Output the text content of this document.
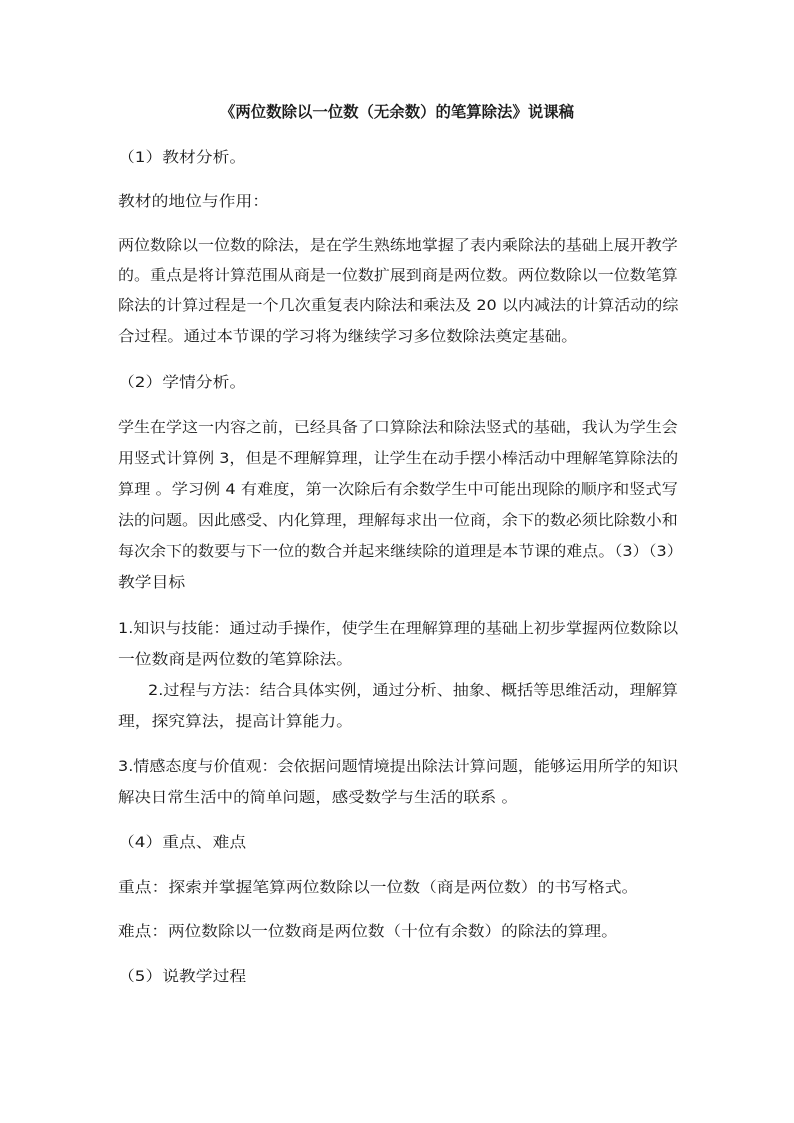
《两位数除以一位数（无余数）的笔算除法》说课稿
（1）教材分析。
教材的地位与作用：
两位数除以一位数的除法，是在学生熟练地掌握了表内乘除法的基础上展开教学
的。重点是将计算范围从商是一位数扩展到商是两位数。两位数除以一位数笔算
除法的计算过程是一个几次重复表内除法和乘法及 20 以内减法的计算活动的综
合过程。通过本节课的学习将为继续学习多位数除法奠定基础。
（2）学情分析。
学生在学这一内容之前，已经具备了口算除法和除法竖式的基础，我认为学生会
用竖式计算例 3，但是不理解算理，让学生在动手摆小棒活动中理解笔算除法的
算理 。学习例 4 有难度，第一次除后有余数学生中可能出现除的顺序和竖式写
法的问题。因此感受、内化算理，理解每求出一位商，余下的数必须比除数小和
每次余下的数要与下一位的数合并起来继续除的道理是本节课的难点。（3）（3）
教学目标
1.知识与技能：通过动手操作，使学生在理解算理的基础上初步掌握两位数除以
一位数商是两位数的笔算除法。
2.过程与方法：结合具体实例，通过分析、抽象、概括等思维活动，理解算
理，探究算法，提高计算能力。
3.情感态度与价值观：会依据问题情境提出除法计算问题，能够运用所学的知识
解决日常生活中的简单问题，感受数学与生活的联系 。
（4）重点、难点
重点：探索并掌握笔算两位数除以一位数（商是两位数）的书写格式。
难点：两位数除以一位数商是两位数（十位有余数）的除法的算理。
（5）说教学过程
